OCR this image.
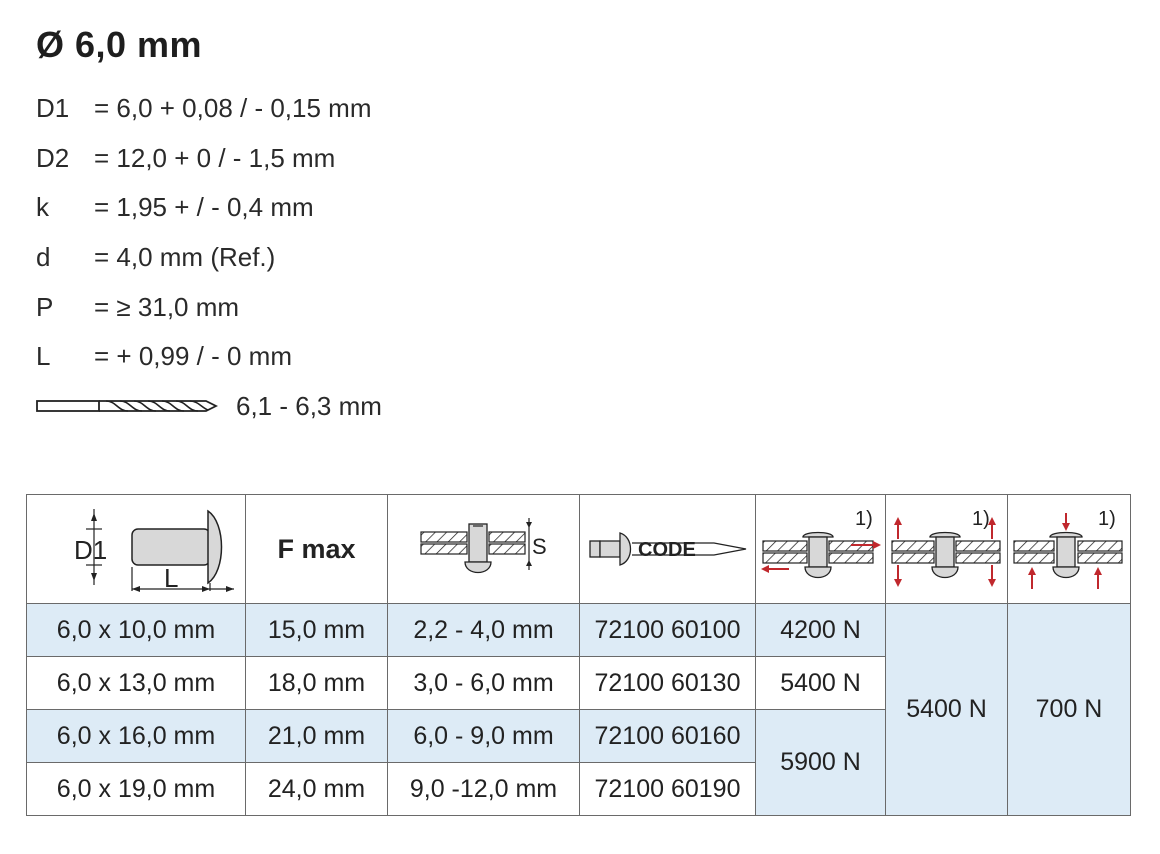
Ø 6,0 mm
D1 = 6,0 + 0,08 / - 0,15 mm
D2 = 12,0 + 0 / - 1,5 mm
k	= 1,95 + / - 0,4 mm
d	= 4,0 mm (Ref.)
P	= ≥ 31,0 mm
L	= + 0,99 / - 0 mm
6,1 - 6,3 mm
D1
L	F max	S	CODE	1)	1)	1)

6,0 x 10,0 mm	15,0 mm	2,2 - 4,0 mm	72100 60100	4200 N	5400 N	700 N
6,0 x 13,0 mm	18,0 mm	3,0 - 6,0 mm	72100 60130	5400 N		
6,0 x 16,0 mm	21,0 mm	6,0 - 9,0 mm	72100 60160	5900 N		
6,0 x 19,0 mm	24,0 mm	9,0 -12,0 mm	72100 60190			
